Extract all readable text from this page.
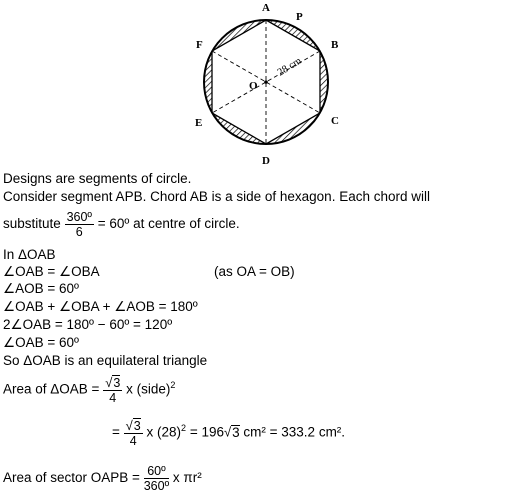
A
P
B
C
D
E
F
O
28 cm
Designs are segments of circle.
Consider segment APB. Chord AB is a side of hexagon. Each chord will
substitute $\frac{\text{360º}}{6}$ = 60º at centre of circle.
In ΔOAB
∠OAB = ∠OBA	(as OA = OB)
∠AOB = 60º
∠OAB + ∠OBA + ∠AOB = 180º
2∠OAB = 180º − 60º = 120º
∠OAB = 60º
So ΔOAB is an equilateral triangle
Area of $\Delta OAB = \frac{√3}{4}$ x (side)$^2$
= $\frac{√3}{4}$ x $(28)^2 = 196√3$ cm² = 333.2 cm².
Area of sector OAPB = $\frac{\text{60º}}{\text{360º}}$ x πr²
